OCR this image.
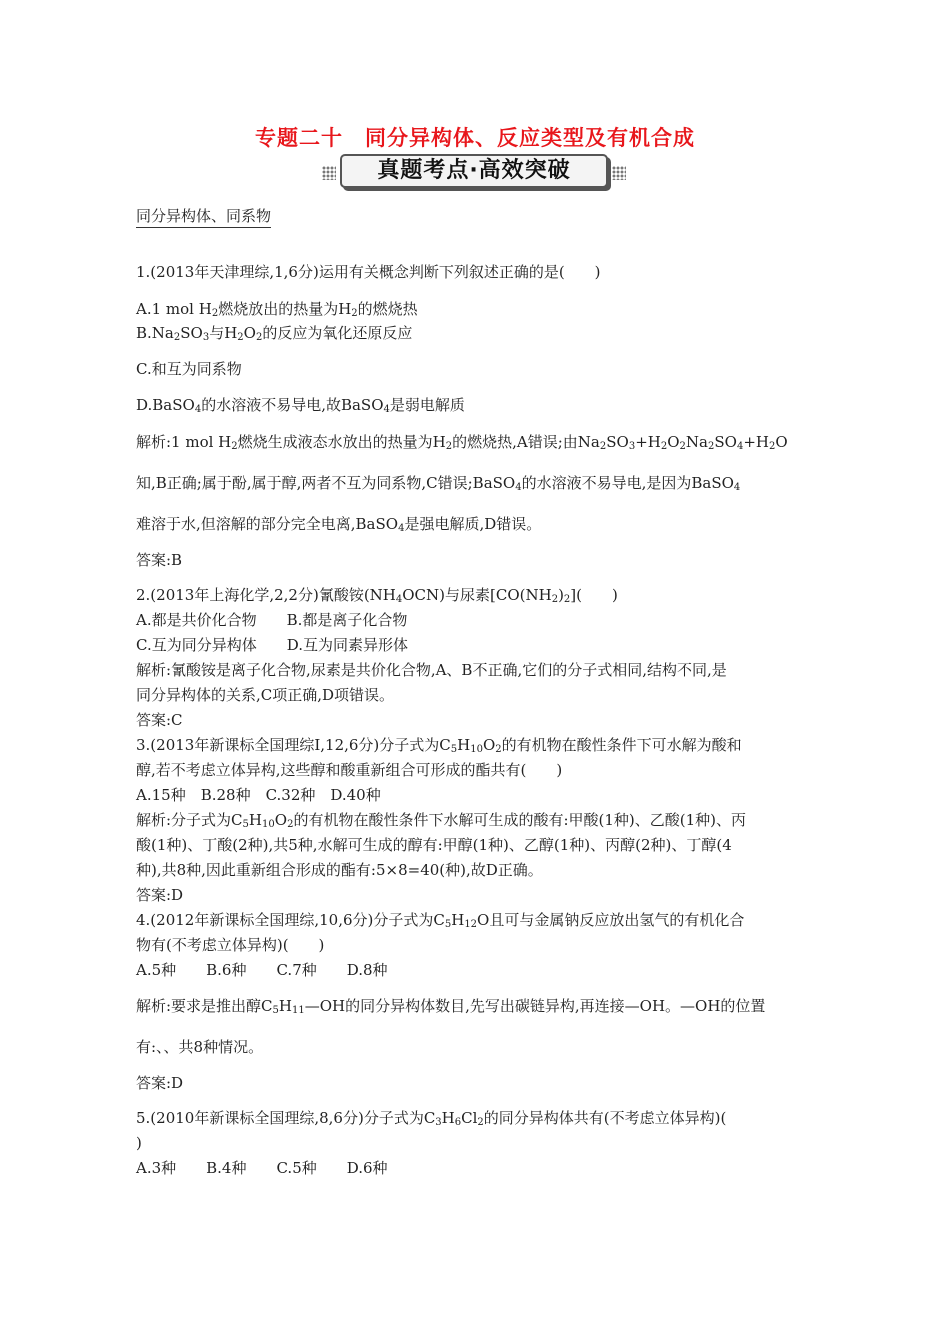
专题二十　同分异构体、反应类型及有机合成
真题考点·高效突破
同分异构体、同系物
1.(2013年天津理综,1,6分)运用有关概念判断下列叙述正确的是(　　)
A.1 mol $H_2$燃烧放出的热量为$H_2$的燃烧热
$B.Na_2SO_3$与$H_2O_2$的反应为氧化还原反应
C.和互为同系物
D.BaSO$_4$的水溶液不易导电,故BaSO$_4$是弱电解质
解析:1 mol $H_2$燃烧生成液态水放出的热量为$H_2$的燃烧热,A错误;由$Na_2SO_3+H_2O_2Na_2SO_4+H_2O$
知,B正确;属于酚,属于醇,两者不互为同系物,C错误;BaSO$_4$的水溶液不易导电,是因为BaSO$_4$
难溶于水,但溶解的部分完全电离,BaSO$_4$是强电解质,D错误。
答案:B
2.(2013年上海化学,2,2分)氰酸铵$(NH_4OCN)$与尿素$[CO(NH_2)_2]$(　　)
A.都是共价化合物　　B.都是离子化合物
C.互为同分异构体　　D.互为同素异形体
解析:氰酸铵是离子化合物,尿素是共价化合物,A、B不正确,它们的分子式相同,结构不同,是
同分异构体的关系,C项正确,D项错误。
答案:C
3.(2013年新课标全国理综Ⅰ,12,6分)分子式为$C_5H_{10}O_2$的有机物在酸性条件下可水解为酸和
醇,若不考虑立体异构,这些醇和酸重新组合可形成的酯共有(　　)
A.15种　B.28种　C.32种　D.40种
解析:分子式为$C_5H_{10}O_2$的有机物在酸性条件下水解可生成的酸有:甲酸(1种)、乙酸(1种)、丙
酸(1种)、丁酸(2种),共5种,水解可生成的醇有:甲醇(1种)、乙醇(1种)、丙醇(2种)、丁醇(4
种),共8种,因此重新组合形成的酯有:5×8=40(种),故D正确。
答案:D
4.(2012年新课标全国理综,10,6分)分子式为$C_5H_{12}O$且可与金属钠反应放出氢气的有机化合
物有(不考虑立体异构)(　　)
A.5种　　B.6种　　C.7种　　D.8种
解析:要求是推出醇$C_5H_{11}—OH$的同分异构体数目,先写出碳链异构,再连接—OH。—OH的位置
有:、、共8种情况。
答案:D
5.(2010年新课标全国理综,8,6分)分子式为$C_3H_6Cl_2$的同分异构体共有(不考虑立体异构)(
)
A.3种　　B.4种　　C.5种　　D.6种
